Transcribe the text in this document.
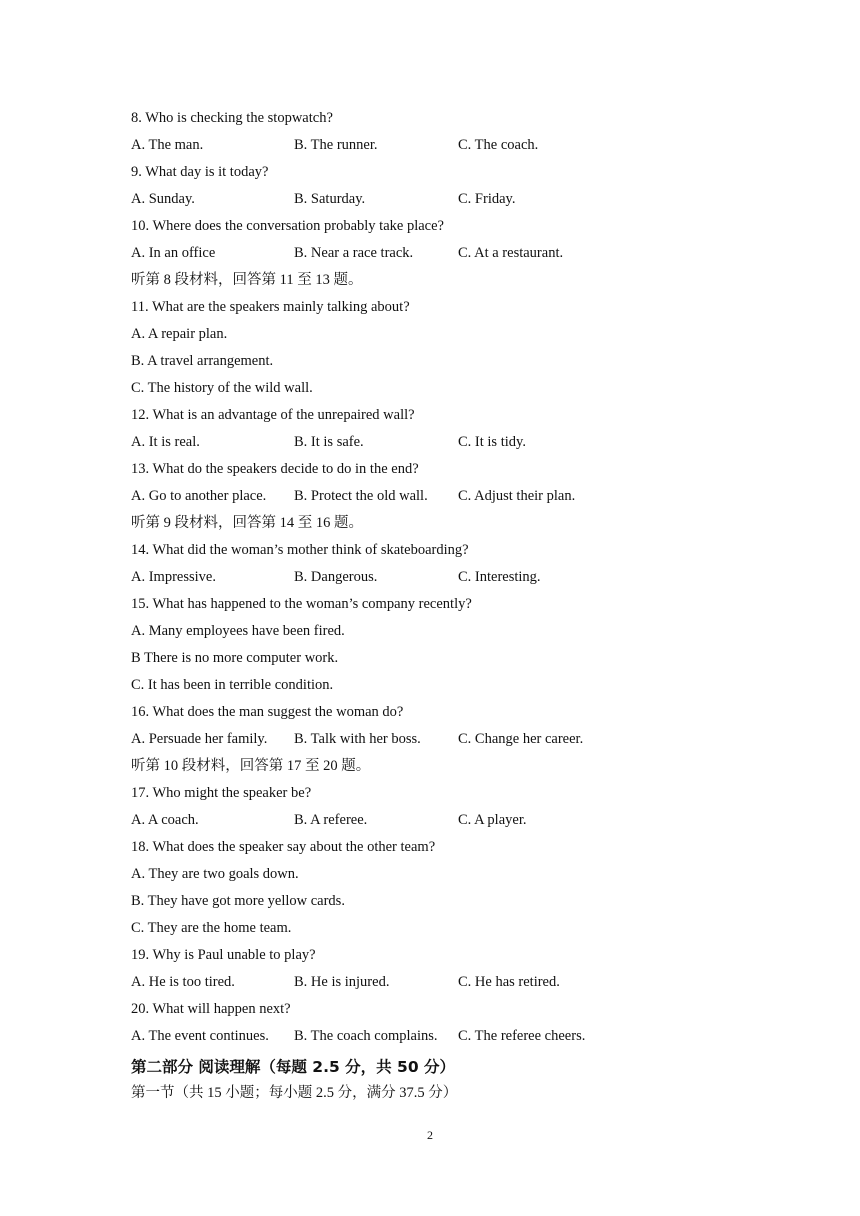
8. Who is checking the stopwatch?
A. The man.	B. The runner.	C. The coach.
9. What day is it today?
A. Sunday.	B. Saturday.	C. Friday.
10. Where does the conversation probably take place?
A. In an office	B. Near a race track.	C. At a restaurant.
听第 8 段材料，回答第 11 至 13 题。
11. What are the speakers mainly talking about?
A. A repair plan.
B. A travel arrangement.
C. The history of the wild wall.
12. What is an advantage of the unrepaired wall?
A. It is real.	B. It is safe.	C. It is tidy.
13. What do the speakers decide to do in the end?
A. Go to another place. B. Protect the old wall. C. Adjust their plan.
听第 9 段材料，回答第 14 至 16 题。
14. What did the woman’s mother think of skateboarding?
A. Impressive.	B. Dangerous.	C. Interesting.
15. What has happened to the woman’s company recently?
A. Many employees have been fired.
B There is no more computer work.
C. It has been in terrible condition.
16. What does the man suggest the woman do?
A. Persuade her family. B. Talk with her boss.	C. Change her career.
听第 10 段材料，回答第 17 至 20 题。
17. Who might the speaker be?
A. A coach.	B. A referee.	C. A player.
18. What does the speaker say about the other team?
A. They are two goals down.
B. They have got more yellow cards.
C. They are the home team.
19. Why is Paul unable to play?
A. He is too tired.	B. He is injured.	C. He has retired.
20. What will happen next?
A. The event continues. B. The coach complains. C. The referee cheers.
第二部分 阅读理解（每题 2.5 分，共 50 分）
第一节（共 15 小题；每小题 2.5 分，满分 37.5 分）
2
